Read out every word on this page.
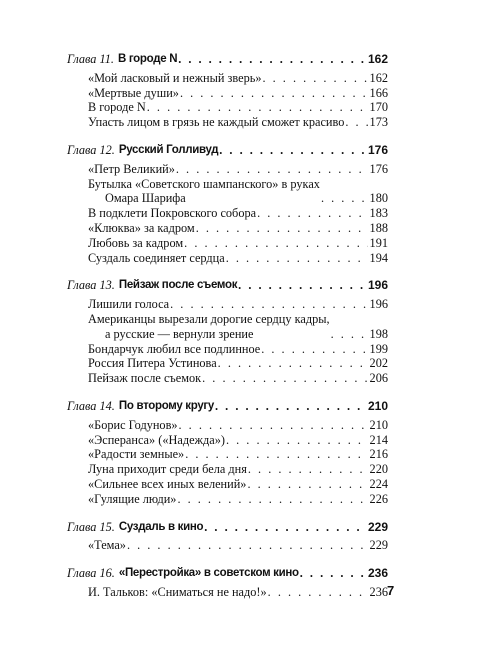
Глава 11. В городе N . . .	162
«Мой ласковый и нежный зверь» . . .	162
«Мертвые души» . . .	166
В городе N . . .	170
Упасть лицом в грязь не каждый сможет красиво . . . 173
Глава 12. Русский Голливуд . . .	176
«Петр Великий» . . .	176
Бутылка «Советского шампанского» в руках
Омара Шарифа . . .	180
В подклети Покровского собора . . .	183
«Клюква» за кадром . . .	188
Любовь за кадром . . .	191
Суздаль соединяет сердца . . .	194
Глава 13. Пейзаж после съемок . . .	196
Лишили голоса . . .	196
Американцы вырезали дорогие сердцу кадры,
а русские — вернули зрение . . .	198
Бондарчук любил все подлинное . . .	199
Россия Питера Устинова . . .	202
Пейзаж после съемок . . .	206
Глава 14. По второму кругу . . .	210
«Борис Годунов» . . .	210
«Эсперанса» («Надежда») . . .	214
«Радости земные» . . .	216
Луна приходит среди бела дня . . .	220
«Сильнее всех иных велений» . . .	224
«Гулящие люди» . . .	226
Глава 15. Суздаль в кино . . .	229
«Тема» . . .	229
Глава 16. «Перестройка» в советском кино . . .	236
И. Тальков: «Сниматься не надо!» . . .	236 7
